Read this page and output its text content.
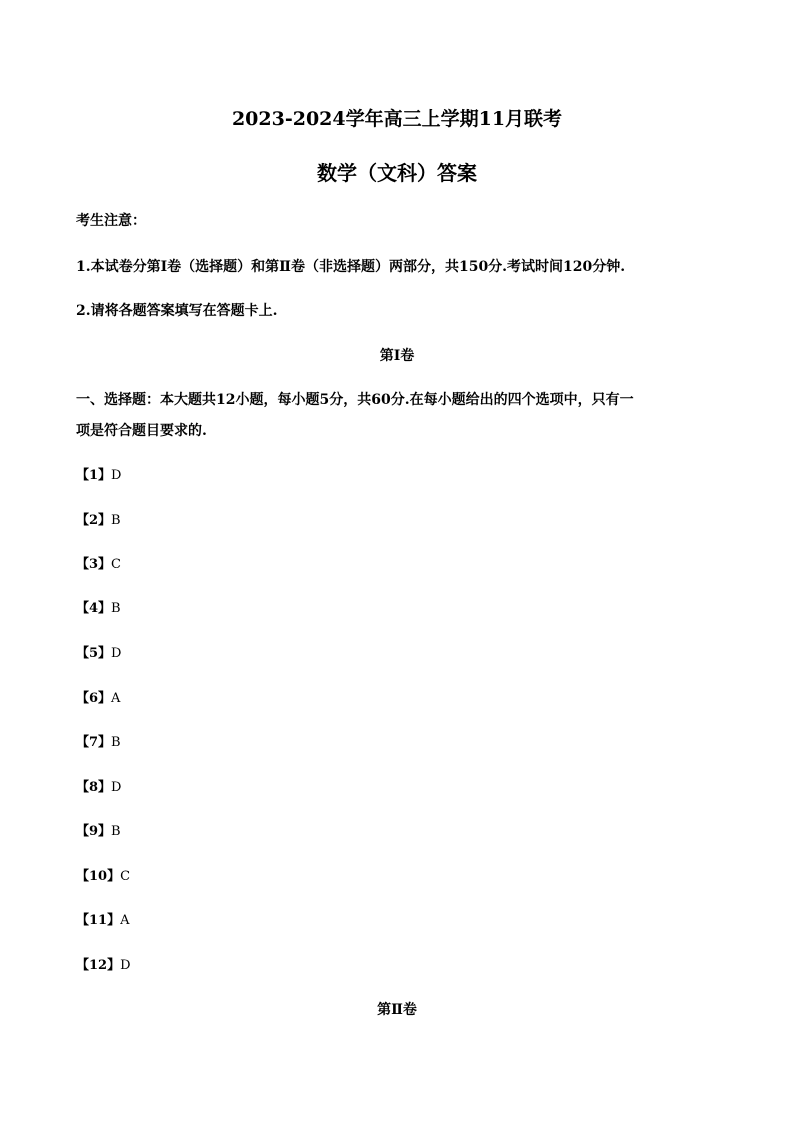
2023-2024学年高三上学期11月联考
数学（文科）答案
考生注意：
1.本试卷分第Ⅰ卷（选择题）和第Ⅱ卷（非选择题）两部分，共150分.考试时间120分钟.
2.请将各题答案填写在答题卡上.
第Ⅰ卷
一、选择题：本大题共12小题，每小题5分，共60分.在每小题给出的四个选项中，只有一
项是符合题目要求的.
【1】D
【2】B
【3】C
【4】B
【5】D
【6】A
【7】B
【8】D
【9】B
【10】C
【11】A
【12】D
第Ⅱ卷
